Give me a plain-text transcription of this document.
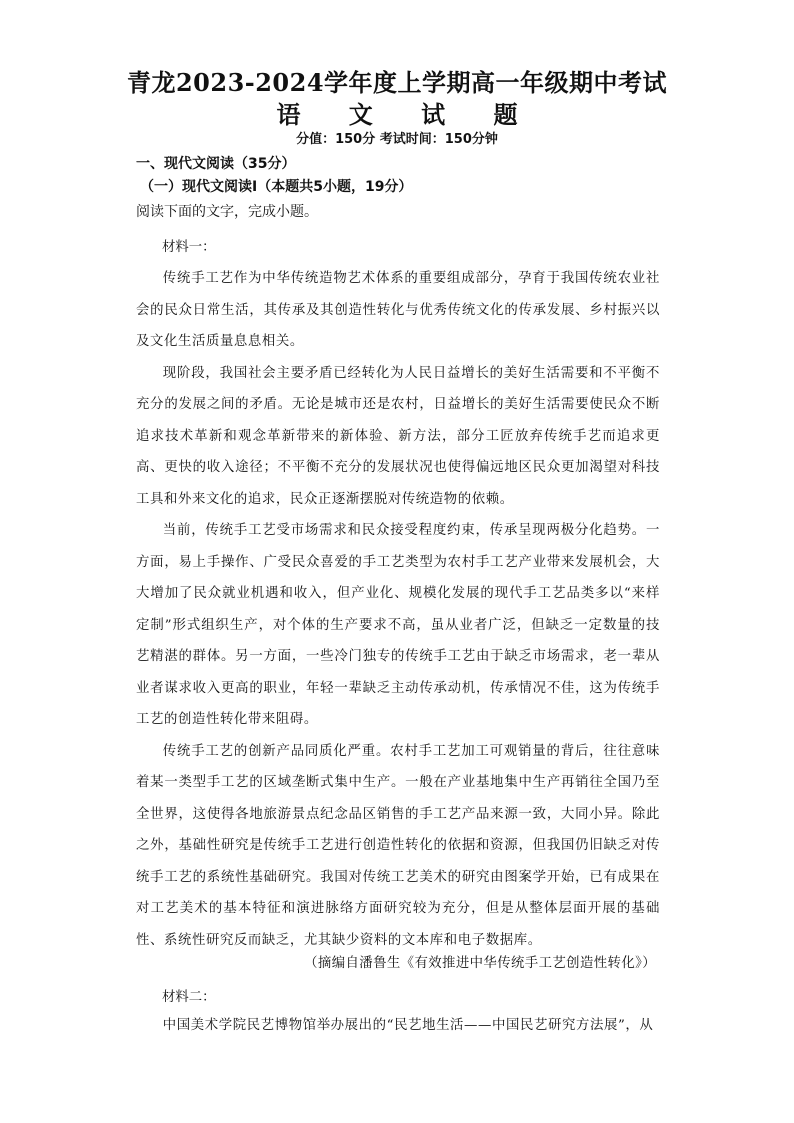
青龙2023-2024学年度上学期高一年级期中考试
语 文 试 题
分值：150分 考试时间：150分钟
一、现代文阅读（35分）
（一）现代文阅读Ⅰ（本题共5小题，19分）
阅读下面的文字，完成小题。
材料一：

传统手工艺作为中华传统造物艺术体系的重要组成部分，孕育于我国传统农业社会的民众日常生活，其传承及其创造性转化与优秀传统文化的传承发展、乡村振兴以及文化生活质量息息相关。

现阶段，我国社会主要矛盾已经转化为人民日益增长的美好生活需要和不平衡不充分的发展之间的矛盾。无论是城市还是农村，日益增长的美好生活需要使民众不断追求技术革新和观念革新带来的新体验、新方法，部分工匠放弃传统手艺而追求更高、更快的收入途径；不平衡不充分的发展状况也使得偏远地区民众更加渴望对科技工具和外来文化的追求，民众正逐渐摆脱对传统造物的依赖。

当前，传统手工艺受市场需求和民众接受程度约束，传承呈现两极分化趋势。一方面，易上手操作、广受民众喜爱的手工艺类型为农村手工艺产业带来发展机会，大大增加了民众就业机遇和收入，但产业化、规模化发展的现代手工艺品类多以“来样定制”形式组织生产，对个体的生产要求不高，虽从业者广泛，但缺乏一定数量的技艺精湛的群体。另一方面，一些冷门独专的传统手工艺由于缺乏市场需求，老一辈从业者谋求收入更高的职业，年轻一辈缺乏主动传承动机，传承情况不佳，这为传统手工艺的创造性转化带来阻碍。

传统手工艺的创新产品同质化严重。农村手工艺加工可观销量的背后，往往意味着某一类型手工艺的区域垄断式集中生产。一般在产业基地集中生产再销往全国乃至全世界，这使得各地旅游景点纪念品区销售的手工艺产品来源一致，大同小异。除此之外，基础性研究是传统手工艺进行创造性转化的依据和资源，但我国仍旧缺乏对传统手工艺的系统性基础研究。我国对传统工艺美术的研究由图案学开始，已有成果在对工艺美术的基本特征和演进脉络方面研究较为充分，但是从整体层面开展的基础性、系统性研究反而缺乏，尤其缺少资料的文本库和电子数据库。

（摘编自潘鲁生《有效推进中华传统手工艺创造性转化》）
材料二：

中国美术学院民艺博物馆举办展出的“民艺地生活——中国民艺研究方法展”，从
